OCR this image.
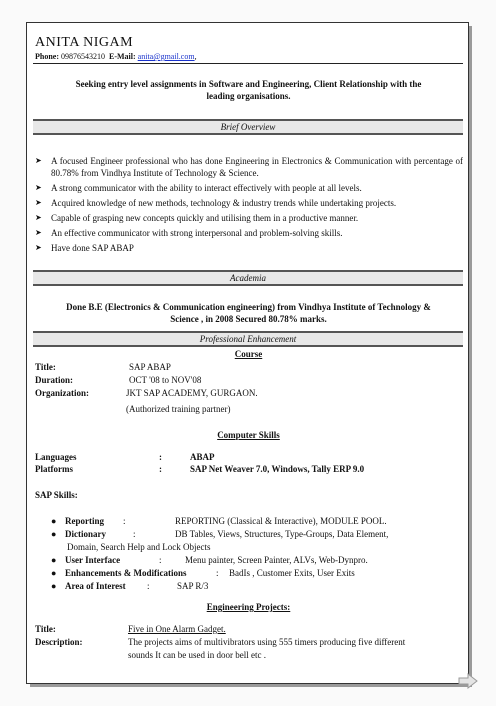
ANITA NIGAM
Phone: 09876543210 E-Mail: anita@gmail.com,
Seeking entry level assignments in Software and Engineering, Client Relationship with the
leading organisations.
Brief Overview
➤ A focused Engineer professional who has done Engineering in Electronics & Communication with percentage of 80.78% from Vindhya Institute of Technology & Science.
➤ A strong communicator with the ability to interact effectively with people at all levels.
➤ Acquired knowledge of new methods, technology & industry trends while undertaking projects.
➤ Capable of grasping new concepts quickly and utilising them in a productive manner.
➤ An effective communicator with strong interpersonal and problem-solving skills.
➤ Have done SAP ABAP
Academia
Done B.E (Electronics & Communication engineering) from Vindhya Institute of Technology &
Science , in 2008 Secured 80.78% marks.
Professional Enhancement
Course
Title:	SAP ABAP
Duration:	OCT '08 to NOV'08
Organization:	JKT SAP ACADEMY, GURGAON.
(Authorized training partner)
Computer Skills
Languages	:	ABAP
Platforms	:	SAP Net Weaver 7.0, Windows, Tally ERP 9.0
SAP Skills:
● Reporting :	REPORTING (Classical & Interactive), MODULE POOL.
● Dictionary	:	DB Tables, Views, Structures, Type-Groups, Data Element,
Domain, Search Help and Lock Objects
● User Interface	:	Menu painter, Screen Painter, ALVs, Web-Dynpro.
● Enhancements & Modifications	: BadIs , Customer Exits, User Exits
● Area of Interest :	SAP R/3
Engineering Projects:
Title:	Five in One Alarm Gadget.
Description:	The projects aims of multivibrators using 555 timers producing five different
sounds It can be used in door bell etc .
